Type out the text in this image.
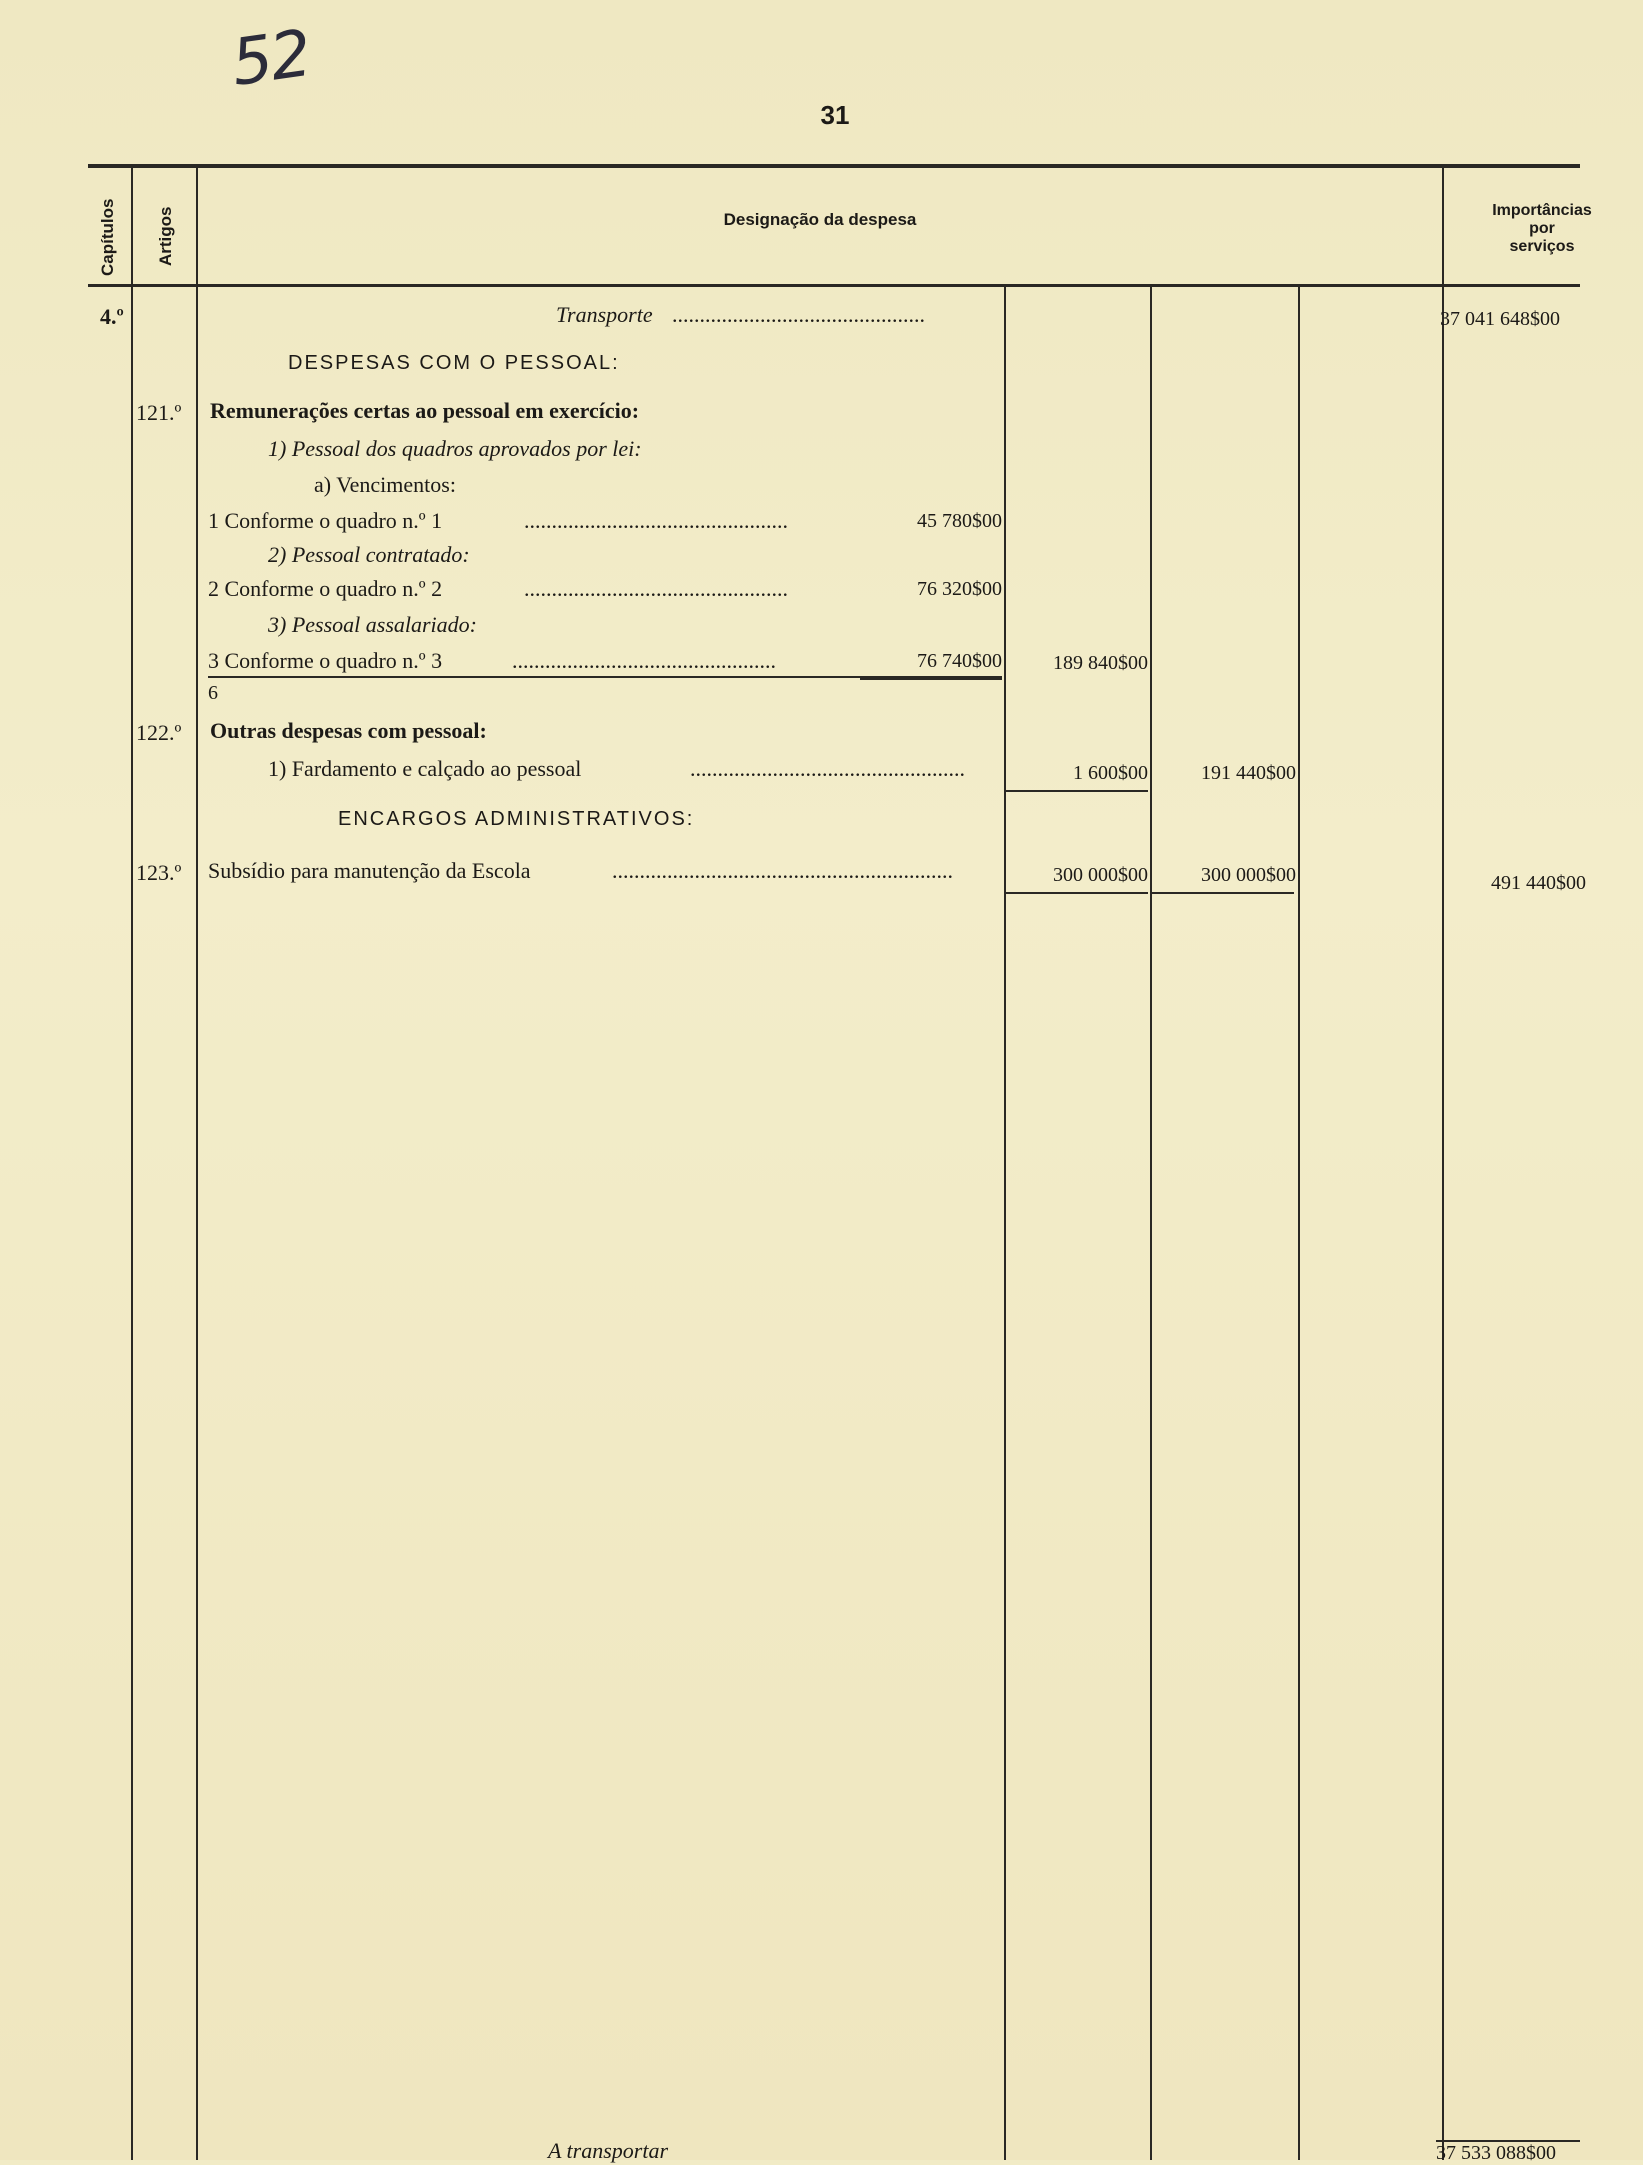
52
31
Capítulos Artigos	Designação da despesa	Importâncias
por
serviços
4.º	Transporte ..............................................	37 041 648$00
DESPESAS COM O PESSOAL:
121.º Remunerações certas ao pessoal em exercício:
1) Pessoal dos quadros aprovados por lei:
a) Vencimentos:
1 Conforme o quadro n.º 1	................................................	45 780$00
2) Pessoal contratado:
2 Conforme o quadro n.º 2	................................................	76 320$00
3) Pessoal assalariado:
3 Conforme o quadro n.º 3	................................................	76 740$00	189 840$00
6
122.º Outras despesas com pessoal:
1) Fardamento e calçado ao pessoal	..................................................	1 600$00	191 440$00
ENCARGOS ADMINISTRATIVOS:
123.º Subsídio para manutenção da Escola	..............................................................	300 000$00	300 000$00	491 440$00
A transportar	37 533 088$00
